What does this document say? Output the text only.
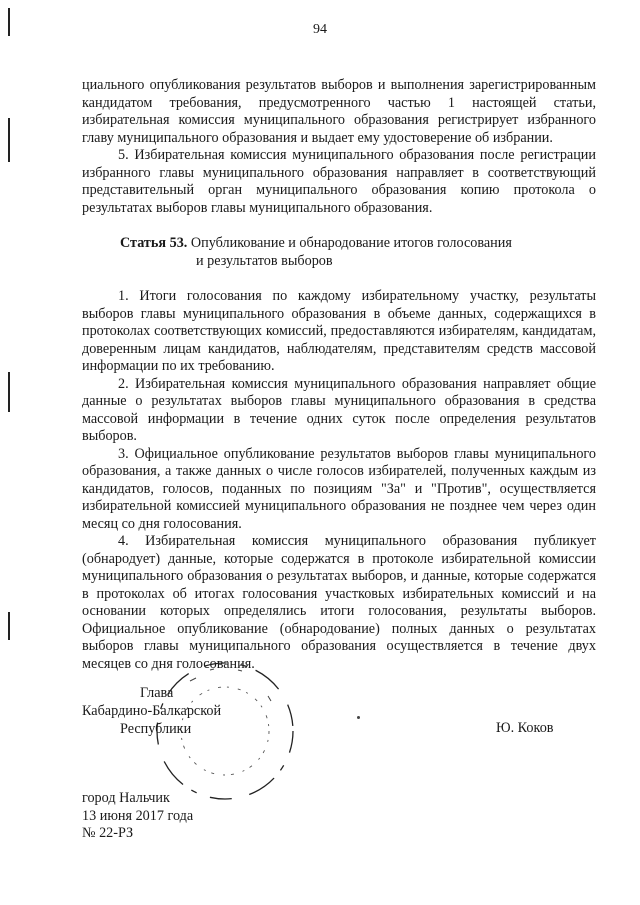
94

циального опубликования результатов выборов и выполнения зарегистрированным кандидатом требования, предусмотренного частью 1 настоящей статьи, избирательная комиссия муниципального образования регистрирует избранного главу муниципального образования и выдает ему удостоверение об избрании.

5. Избирательная комиссия муниципального образования после регистрации избранного главы муниципального образования направляет в соответствующий представительный орган муниципального образования копию протокола о результатах выборов главы муниципального образования.

Статья 53. Опубликование и обнародование итогов голосования
и результатов выборов

1. Итоги голосования по каждому избирательному участку, результаты выборов главы муниципального образования в объеме данных, содержащихся в протоколах соответствующих комиссий, предоставляются избирателям, кандидатам, доверенным лицам кандидатов, наблюдателям, представителям средств массовой информации по их требованию.

2. Избирательная комиссия муниципального образования направляет общие данные о результатах выборов главы муниципального образования в средства массовой информации в течение одних суток после определения результатов выборов.

3. Официальное опубликование результатов выборов главы муниципального образования, а также данных о числе голосов избирателей, полученных каждым из кандидатов, голосов, поданных по позициям "За" и "Против", осуществляется избирательной комиссией муниципального образования не позднее чем через один месяц со дня голосования.

4. Избирательная комиссия муниципального образования публикует (обнародует) данные, которые содержатся в протоколе избирательной комиссии муниципального образования о результатах выборов, и данные, которые содержатся в протоколах об итогах голосования участковых избирательных комиссий и на основании которых определялись итоги голосования, результаты выборов. Официальное опубликование (обнародование) полных данных о результатах выборов главы муниципального образования осуществляется в течение двух месяцев со дня голосования.

Глава
Кабардино-Балкарской
Республики	Ю. Коков
город Нальчик
13 июня 2017 года
№ 22-РЗ
